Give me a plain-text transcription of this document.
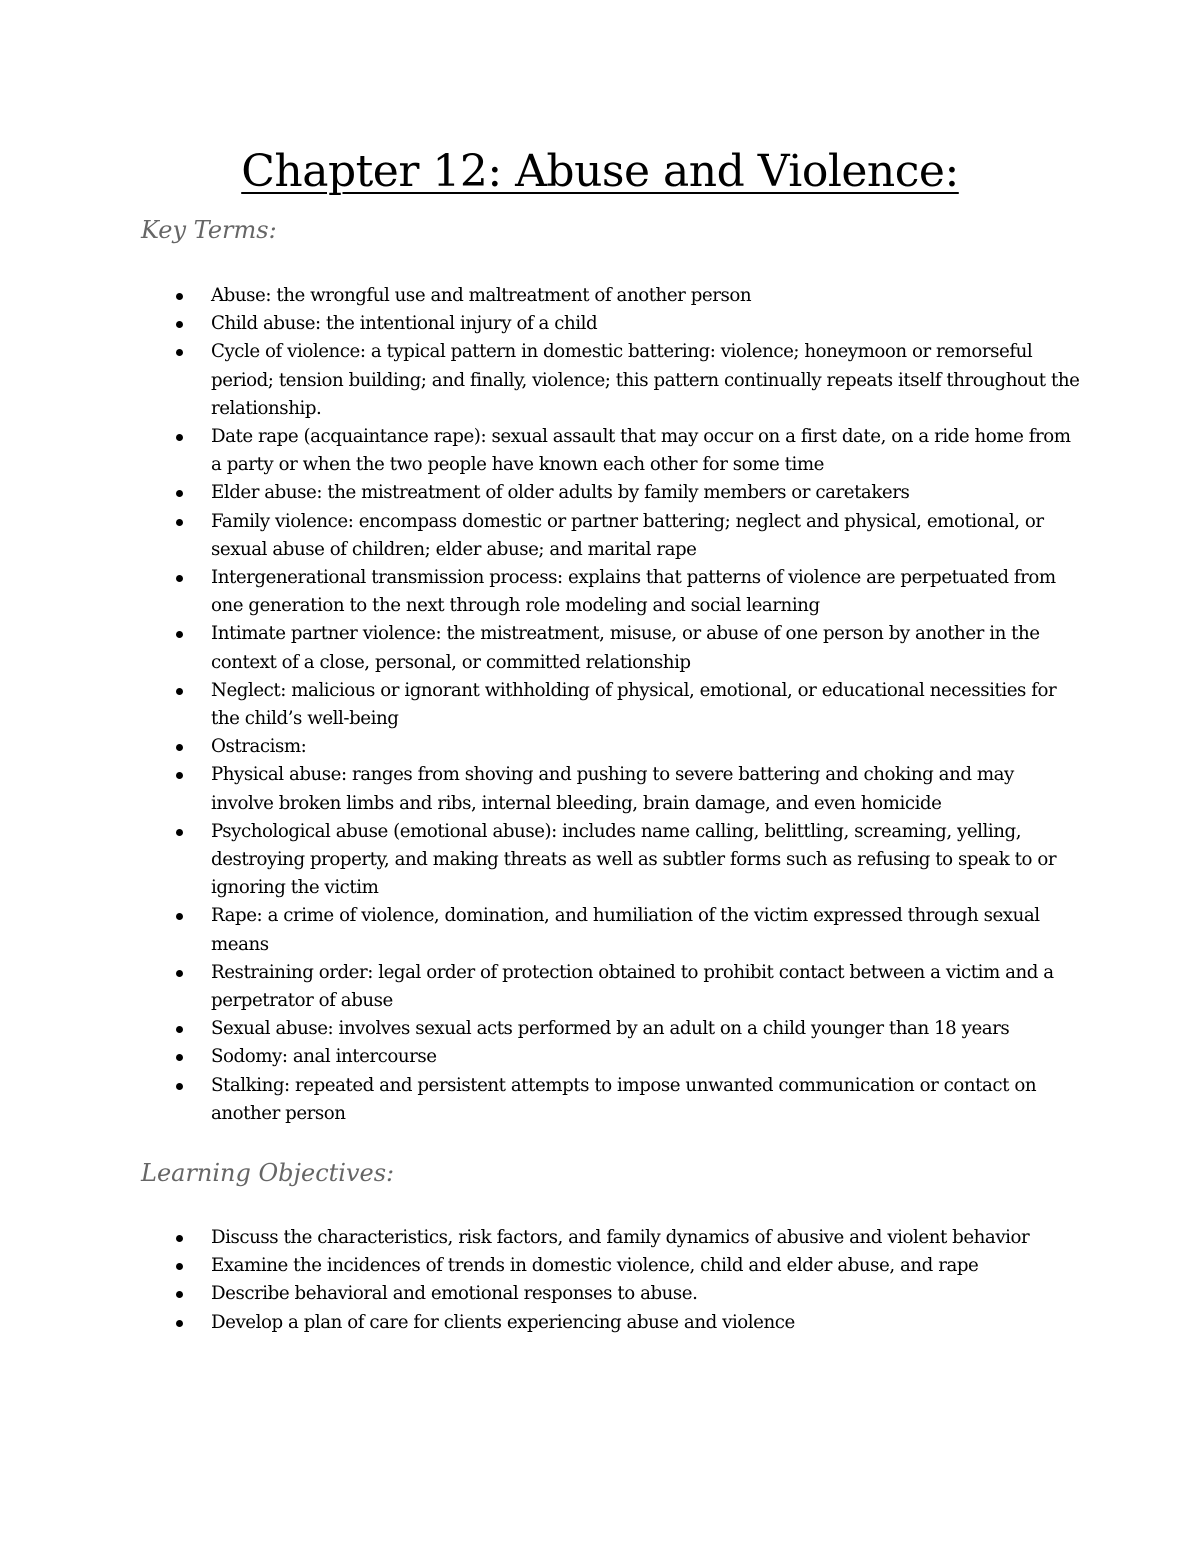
Chapter 12: Abuse and Violence:
Key Terms:
Abuse: the wrongful use and maltreatment of another person
Child abuse: the intentional injury of a child
Cycle of violence: a typical pattern in domestic battering: violence; honeymoon or remorseful period; tension building; and finally, violence; this pattern continually repeats itself throughout the relationship.
Date rape (acquaintance rape): sexual assault that may occur on a first date, on a ride home from a party or when the two people have known each other for some time
Elder abuse: the mistreatment of older adults by family members or caretakers
Family violence: encompass domestic or partner battering; neglect and physical, emotional, or sexual abuse of children; elder abuse; and marital rape
Intergenerational transmission process: explains that patterns of violence are perpetuated from one generation to the next through role modeling and social learning
Intimate partner violence: the mistreatment, misuse, or abuse of one person by another in the context of a close, personal, or committed relationship
Neglect: malicious or ignorant withholding of physical, emotional, or educational necessities for the child’s well-being
Ostracism:
Physical abuse: ranges from shoving and pushing to severe battering and choking and may involve broken limbs and ribs, internal bleeding, brain damage, and even homicide
Psychological abuse (emotional abuse): includes name calling, belittling, screaming, yelling, destroying property, and making threats as well as subtler forms such as refusing to speak to or ignoring the victim
Rape: a crime of violence, domination, and humiliation of the victim expressed through sexual means
Restraining order: legal order of protection obtained to prohibit contact between a victim and a perpetrator of abuse
Sexual abuse: involves sexual acts performed by an adult on a child younger than 18 years
Sodomy: anal intercourse
Stalking: repeated and persistent attempts to impose unwanted communication or contact on another person
Learning Objectives:
Discuss the characteristics, risk factors, and family dynamics of abusive and violent behavior
Examine the incidences of trends in domestic violence, child and elder abuse, and rape
Describe behavioral and emotional responses to abuse.
Develop a plan of care for clients experiencing abuse and violence
